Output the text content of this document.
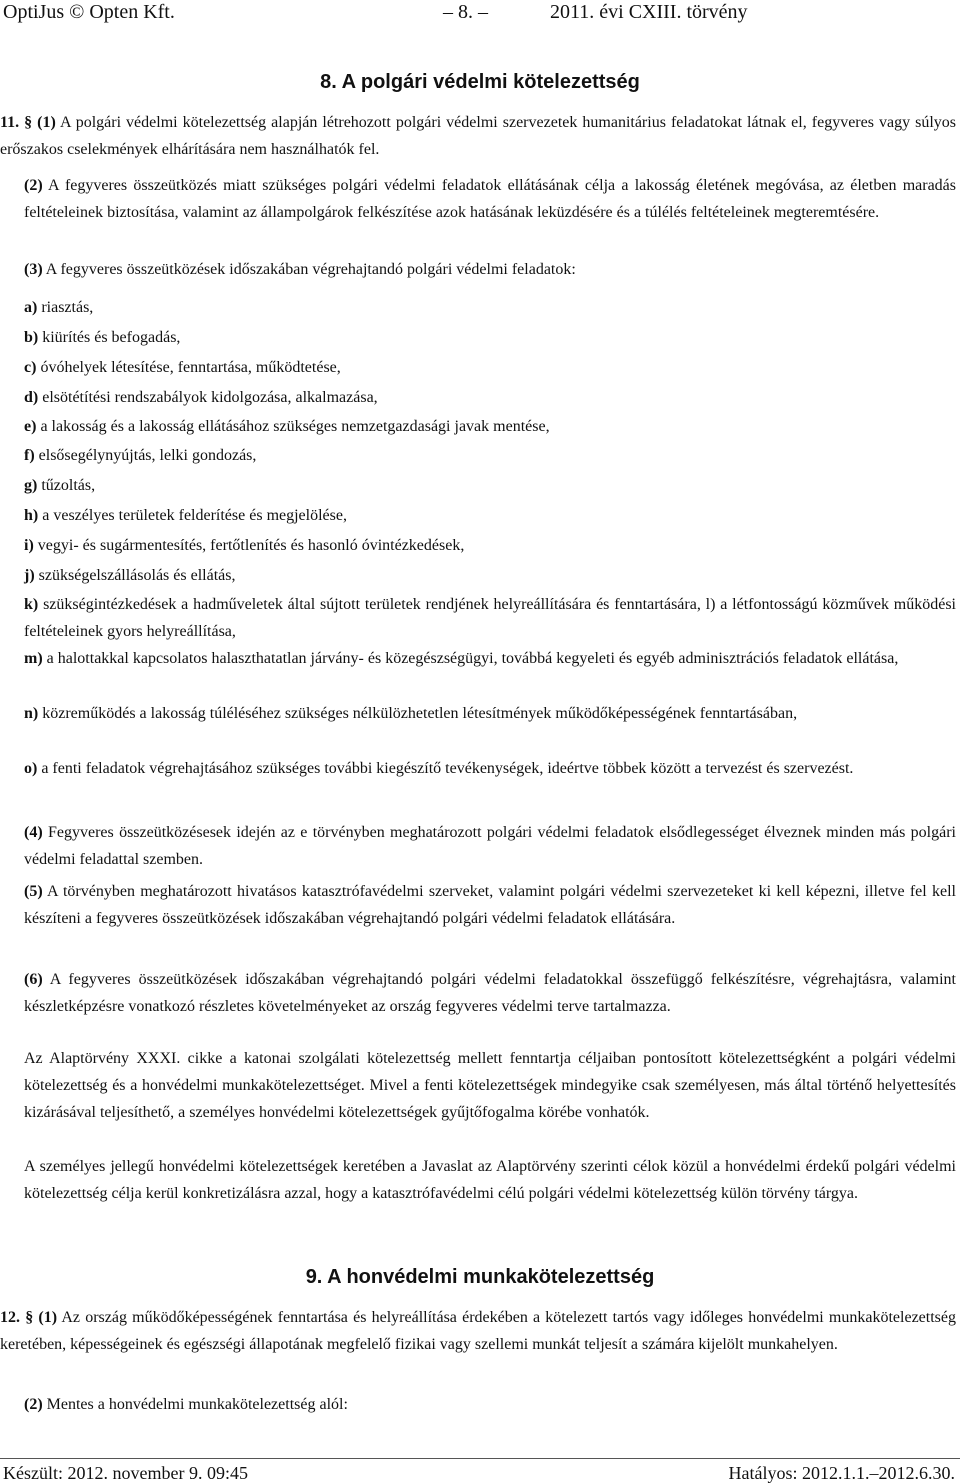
OptiJus © Opten Kft.	– 8. –	2011. évi CXIII. törvény
8. A polgári védelmi kötelezettség
11. § (1) A polgári védelmi kötelezettség alapján létrehozott polgári védelmi szervezetek humanitárius feladatokat látnak el, fegyveres vagy súlyos erőszakos cselekmények elhárítására nem használhatók fel.
(2) A fegyveres összeütközés miatt szükséges polgári védelmi feladatok ellátásának célja a lakosság életének megóvása, az életben maradás feltételeinek biztosítása, valamint az állampolgárok felkészítése azok hatásának leküzdésére és a túlélés feltételeinek megteremtésére.
(3) A fegyveres összeütközések időszakában végrehajtandó polgári védelmi feladatok:
a) riasztás,
b) kiürítés és befogadás,
c) óvóhelyek létesítése, fenntartása, működtetése,
d) elsötétítési rendszabályok kidolgozása, alkalmazása,
e) a lakosság és a lakosság ellátásához szükséges nemzetgazdasági javak mentése,
f) elsősegélynyújtás, lelki gondozás,
g) tűzoltás,
h) a veszélyes területek felderítése és megjelölése,
i) vegyi- és sugármentesítés, fertőtlenítés és hasonló óvintézkedések,
j) szükségelszállásolás és ellátás,
k) szükségintézkedések a hadműveletek által sújtott területek rendjének helyreállítására és fenntartására, l) a létfontosságú közművek működési feltételeinek gyors helyreállítása,
m) a halottakkal kapcsolatos halaszthatatlan járvány- és közegészségügyi, továbbá kegyeleti és egyéb adminisztrációs feladatok ellátása,
n) közreműködés a lakosság túléléséhez szükséges nélkülözhetetlen létesítmények működőképességének fenntartásában,
o) a fenti feladatok végrehajtásához szükséges további kiegészítő tevékenységek, ideértve többek között a tervezést és szervezést.
(4) Fegyveres összeütközésesek idején az e törvényben meghatározott polgári védelmi feladatok elsődlegességet élveznek minden más polgári védelmi feladattal szemben.
(5) A törvényben meghatározott hivatásos katasztrófavédelmi szerveket, valamint polgári védelmi szervezeteket ki kell képezni, illetve fel kell készíteni a fegyveres összeütközések időszakában végrehajtandó polgári védelmi feladatok ellátására.
(6) A fegyveres összeütközések időszakában végrehajtandó polgári védelmi feladatokkal összefüggő felkészítésre, végrehajtásra, valamint készletképzésre vonatkozó részletes követelményeket az ország fegyveres védelmi terve tartalmazza.
Az Alaptörvény XXXI. cikke a katonai szolgálati kötelezettség mellett fenntartja céljaiban pontosított kötelezettségként a polgári védelmi kötelezettség és a honvédelmi munkakötelezettséget. Mivel a fenti kötelezettségek mindegyike csak személyesen, más által történő helyettesítés kizárásával teljesíthető, a személyes honvédelmi kötelezettségek gyűjtőfogalma körébe vonhatók.
A személyes jellegű honvédelmi kötelezettségek keretében a Javaslat az Alaptörvény szerinti célok közül a honvédelmi érdekű polgári védelmi kötelezettség célja kerül konkretizálásra azzal, hogy a katasztrófavédelmi célú polgári védelmi kötelezettség külön törvény tárgya.
9. A honvédelmi munkakötelezettség
12. § (1) Az ország működőképességének fenntartása és helyreállítása érdekében a kötelezett tartós vagy időleges honvédelmi munkakötelezettség keretében, képességeinek és egészségi állapotának megfelelő fizikai vagy szellemi munkát teljesít a számára kijelölt munkahelyen.
(2) Mentes a honvédelmi munkakötelezettség alól:
Készült: 2012. november 9. 09:45	Hatályos: 2012.1.1.–2012.6.30.
